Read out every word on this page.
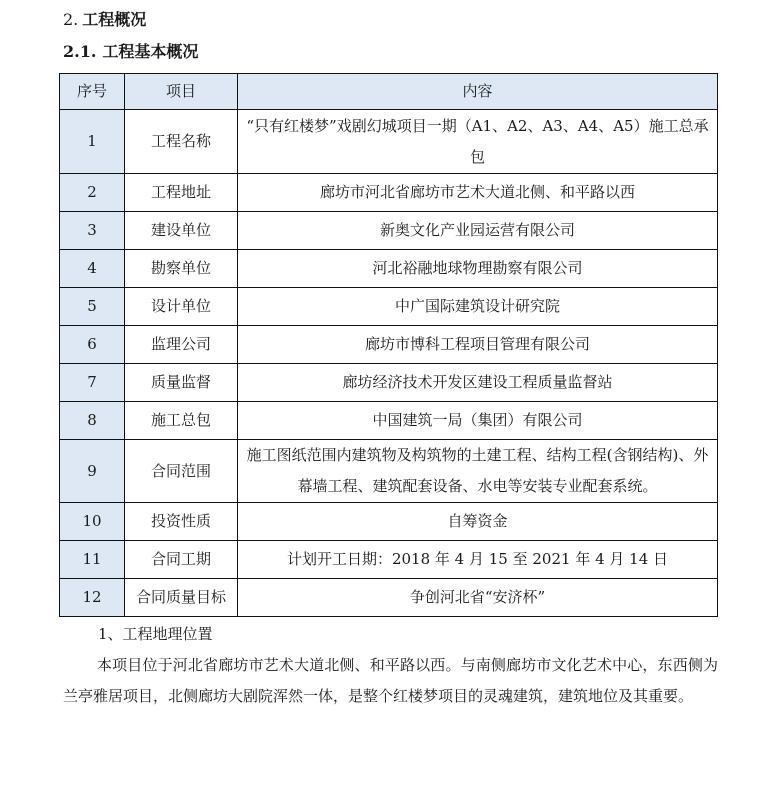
2. 工程概况
2.1. 工程基本概况
序号	项目	内容
1	工程名称	“只有红楼梦”戏剧幻城项目一期（A1、A2、A3、A4、A5）施工总承包
2	工程地址	廊坊市河北省廊坊市艺术大道北侧、和平路以西
3	建设单位	新奥文化产业园运营有限公司
4	勘察单位	河北裕融地球物理勘察有限公司
5	设计单位	中广国际建筑设计研究院
6	监理公司	廊坊市博科工程项目管理有限公司
7	质量监督	廊坊经济技术开发区建设工程质量监督站
8	施工总包	中国建筑一局（集团）有限公司
9	合同范围	施工图纸范围内建筑物及构筑物的土建工程、结构工程(含钢结构)、外幕墙工程、建筑配套设备、水电等安装专业配套系统。
10	投资性质	自筹资金
11	合同工期	计划开工日期：2018 年 4 月 15 至 2021 年 4 月 14 日
12	合同质量目标	争创河北省“安济杯”
1、工程地理位置
本项目位于河北省廊坊市艺术大道北侧、和平路以西。与南侧廊坊市文化艺术中心，东西侧为兰亭雅居项目，北侧廊坊大剧院浑然一体，是整个红楼梦项目的灵魂建筑，建筑地位及其重要。
